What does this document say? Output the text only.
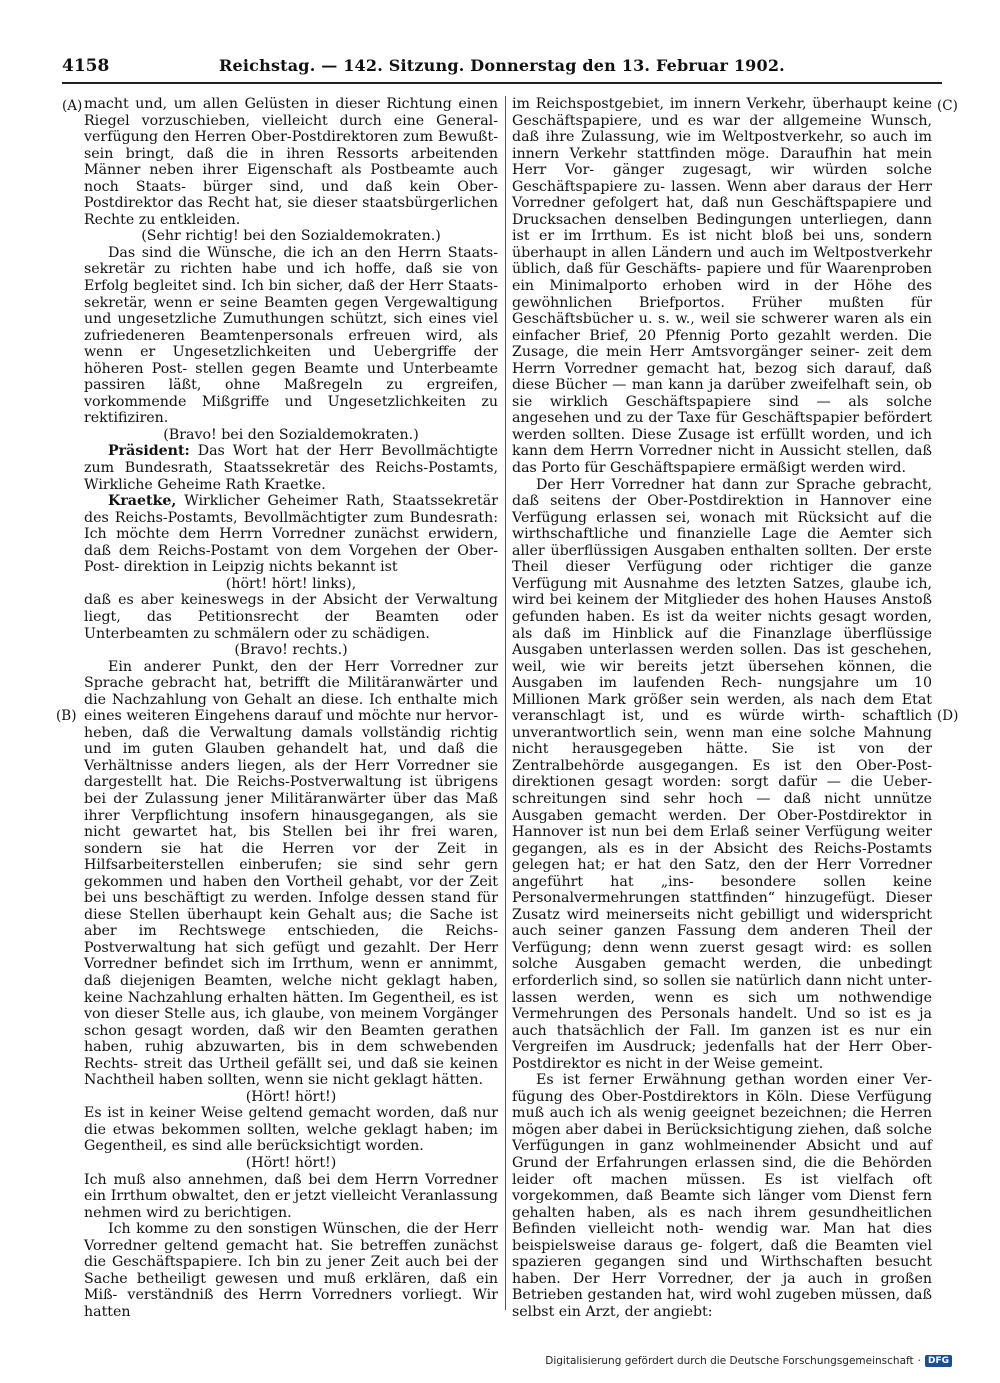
4158	Reichstag. — 142. Sitzung. Donnerstag den 13. Februar 1902.
(A)
(B)
(C)
(D)

macht und, um allen Gelüsten in dieser Richtung einen Riegel vorzuschieben, vielleicht durch eine General- verfügung den Herren Ober-Postdirektoren zum Bewußt- sein bringt, daß die in ihren Ressorts arbeitenden Männer neben ihrer Eigenschaft als Postbeamte auch noch Staats- bürger sind, und daß kein Ober-Postdirektor das Recht hat, sie dieser staatsbürgerlichen Rechte zu entkleiden.

(Sehr richtig! bei den Sozialdemokraten.)

Das sind die Wünsche, die ich an den Herrn Staats- sekretär zu richten habe und ich hoffe, daß sie von Erfolg begleitet sind. Ich bin sicher, daß der Herr Staats- sekretär, wenn er seine Beamten gegen Vergewaltigung und ungesetzliche Zumuthungen schützt, sich eines viel zufriedeneren Beamtenpersonals erfreuen wird, als wenn er Ungesetzlichkeiten und Uebergriffe der höheren Post- stellen gegen Beamte und Unterbeamte passiren läßt, ohne Maßregeln zu ergreifen, vorkommende Mißgriffe und Ungesetzlichkeiten zu rektifiziren.

(Bravo! bei den Sozialdemokraten.)

Präsident: Das Wort hat der Herr Bevollmächtigte zum Bundesrath, Staatssekretär des Reichs-Postamts, Wirkliche Geheime Rath Kraetke.

Kraetke, Wirklicher Geheimer Rath, Staatssekretär des Reichs-Postamts, Bevollmächtigter zum Bundesrath: Ich möchte dem Herrn Vorredner zunächst erwidern, daß dem Reichs-Postamt von dem Vorgehen der Ober-Post- direktion in Leipzig nichts bekannt ist

(hört! hört! links),

daß es aber keineswegs in der Absicht der Verwaltung liegt, das Petitionsrecht der Beamten oder Unterbeamten zu schmälern oder zu schädigen.

(Bravo! rechts.)

Ein anderer Punkt, den der Herr Vorredner zur Sprache gebracht hat, betrifft die Militäranwärter und die Nachzahlung von Gehalt an diese. Ich enthalte mich eines weiteren Eingehens darauf und möchte nur hervor- heben, daß die Verwaltung damals vollständig richtig und im guten Glauben gehandelt hat, und daß die Verhältnisse anders liegen, als der Herr Vorredner sie dargestellt hat. Die Reichs-Postverwaltung ist übrigens bei der Zulassung jener Militäranwärter über das Maß ihrer Verpflichtung insofern hinausgegangen, als sie nicht gewartet hat, bis Stellen bei ihr frei waren, sondern sie hat die Herren vor der Zeit in Hilfsarbeiterstellen einberufen; sie sind sehr gern gekommen und haben den Vortheil gehabt, vor der Zeit bei uns beschäftigt zu werden. Infolge dessen stand für diese Stellen überhaupt kein Gehalt aus; die Sache ist aber im Rechtswege entschieden, die Reichs- Postverwaltung hat sich gefügt und gezahlt. Der Herr Vorredner befindet sich im Irrthum, wenn er annimmt, daß diejenigen Beamten, welche nicht geklagt haben, keine Nachzahlung erhalten hätten. Im Gegentheil, es ist von dieser Stelle aus, ich glaube, von meinem Vorgänger schon gesagt worden, daß wir den Beamten gerathen haben, ruhig abzuwarten, bis in dem schwebenden Rechts- streit das Urtheil gefällt sei, und daß sie keinen Nachtheil haben sollten, wenn sie nicht geklagt hätten.

(Hört! hört!)

Es ist in keiner Weise geltend gemacht worden, daß nur die etwas bekommen sollten, welche geklagt haben; im Gegentheil, es sind alle berücksichtigt worden.

(Hört! hört!)

Ich muß also annehmen, daß bei dem Herrn Vorredner ein Irrthum obwaltet, den er jetzt vielleicht Veranlassung nehmen wird zu berichtigen.

Ich komme zu den sonstigen Wünschen, die der Herr Vorredner geltend gemacht hat. Sie betreffen zunächst die Geschäftspapiere. Ich bin zu jener Zeit auch bei der Sache betheiligt gewesen und muß erklären, daß ein Miß- verständniß des Herrn Vorredners vorliegt. Wir hatten

im Reichspostgebiet, im innern Verkehr, überhaupt keine Geschäftspapiere, und es war der allgemeine Wunsch, daß ihre Zulassung, wie im Weltpostverkehr, so auch im innern Verkehr stattfinden möge. Daraufhin hat mein Herr Vor- gänger zugesagt, wir würden solche Geschäftspapiere zu- lassen. Wenn aber daraus der Herr Vorredner gefolgert hat, daß nun Geschäftspapiere und Drucksachen denselben Bedingungen unterliegen, dann ist er im Irrthum. Es ist nicht bloß bei uns, sondern überhaupt in allen Ländern und auch im Weltpostverkehr üblich, daß für Geschäfts- papiere und für Waarenproben ein Minimalporto erhoben wird in der Höhe des gewöhnlichen Briefportos. Früher mußten für Geschäftsbücher u. s. w., weil sie schwerer waren als ein einfacher Brief, 20 Pfennig Porto gezahlt werden. Die Zusage, die mein Herr Amtsvorgänger seiner- zeit dem Herrn Vorredner gemacht hat, bezog sich darauf, daß diese Bücher — man kann ja darüber zweifelhaft sein, ob sie wirklich Geschäftspapiere sind — als solche angesehen und zu der Taxe für Geschäftspapier befördert werden sollten. Diese Zusage ist erfüllt worden, und ich kann dem Herrn Vorredner nicht in Aussicht stellen, daß das Porto für Geschäftspapiere ermäßigt werden wird.

Der Herr Vorredner hat dann zur Sprache gebracht, daß seitens der Ober-Postdirektion in Hannover eine Verfügung erlassen sei, wonach mit Rücksicht auf die wirthschaftliche und finanzielle Lage die Aemter sich aller überflüssigen Ausgaben enthalten sollten. Der erste Theil dieser Verfügung oder richtiger die ganze Verfügung mit Ausnahme des letzten Satzes, glaube ich, wird bei keinem der Mitglieder des hohen Hauses Anstoß gefunden haben. Es ist da weiter nichts gesagt worden, als daß im Hinblick auf die Finanzlage überflüssige Ausgaben unterlassen werden sollen. Das ist geschehen, weil, wie wir bereits jetzt übersehen können, die Ausgaben im laufenden Rech- nungsjahre um 10 Millionen Mark größer sein werden, als nach dem Etat veranschlagt ist, und es würde wirth- schaftlich unverantwortlich sein, wenn man eine solche Mahnung nicht herausgegeben hätte. Sie ist von der Zentralbehörde ausgegangen. Es ist den Ober-Post- direktionen gesagt worden: sorgt dafür — die Ueber- schreitungen sind sehr hoch — daß nicht unnütze Ausgaben gemacht werden. Der Ober-Postdirektor in Hannover ist nun bei dem Erlaß seiner Verfügung weiter gegangen, als es in der Absicht des Reichs-Postamts gelegen hat; er hat den Satz, den der Herr Vorredner angeführt hat „ins- besondere sollen keine Personalvermehrungen stattfinden“ hinzugefügt. Dieser Zusatz wird meinerseits nicht gebilligt und widerspricht auch seiner ganzen Fassung dem anderen Theil der Verfügung; denn wenn zuerst gesagt wird: es sollen solche Ausgaben gemacht werden, die unbedingt erforderlich sind, so sollen sie natürlich dann nicht unter- lassen werden, wenn es sich um nothwendige Vermehrungen des Personals handelt. Und so ist es ja auch thatsächlich der Fall. Im ganzen ist es nur ein Vergreifen im Ausdruck; jedenfalls hat der Herr Ober-Postdirektor es nicht in der Weise gemeint.

Es ist ferner Erwähnung gethan worden einer Ver- fügung des Ober-Postdirektors in Köln. Diese Verfügung muß auch ich als wenig geeignet bezeichnen; die Herren mögen aber dabei in Berücksichtigung ziehen, daß solche Verfügungen in ganz wohlmeinender Absicht und auf Grund der Erfahrungen erlassen sind, die die Behörden leider oft machen müssen. Es ist vielfach oft vorgekommen, daß Beamte sich länger vom Dienst fern gehalten haben, als es nach ihrem gesundheitlichen Befinden vielleicht noth- wendig war. Man hat dies beispielsweise daraus ge- folgert, daß die Beamten viel spazieren gegangen sind und Wirthschaften besucht haben. Der Herr Vorredner, der ja auch in großen Betrieben gestanden hat, wird wohl zugeben müssen, daß selbst ein Arzt, der angiebt:

Digitalisierung gefördert durch die Deutsche Forschungsgemeinschaft · DFG
